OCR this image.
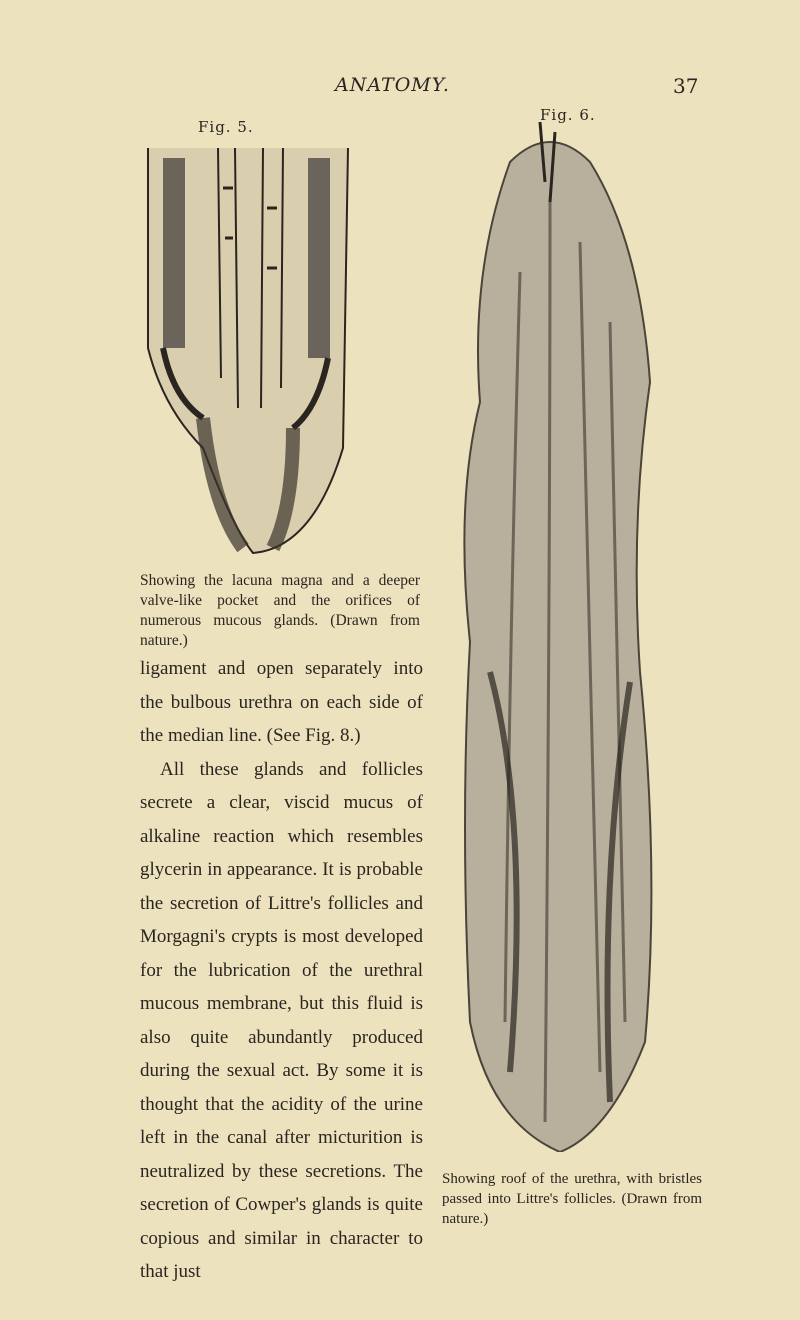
ANATOMY.	37
Fig. 5.
Showing the lacuna magna and a deeper valve-like pocket and the orifices of numerous mucous glands. (Drawn from nature.)
Fig. 6.
Showing roof of the urethra, with bristles passed into Littre's follicles. (Drawn from nature.)

ligament and open separately into the bulbous urethra on each side of the median line. (See Fig. 8.)

All these glands and follicles secrete a clear, viscid mucus of alkaline reaction which resembles glycerin in appearance. It is probable the secretion of Littre's follicles and Morgagni's crypts is most developed for the lubrication of the urethral mucous membrane, but this fluid is also quite abundantly produced during the sexual act. By some it is thought that the acidity of the urine left in the canal after micturition is neutralized by these secretions. The secretion of Cowper's glands is quite copious and similar in character to that just
